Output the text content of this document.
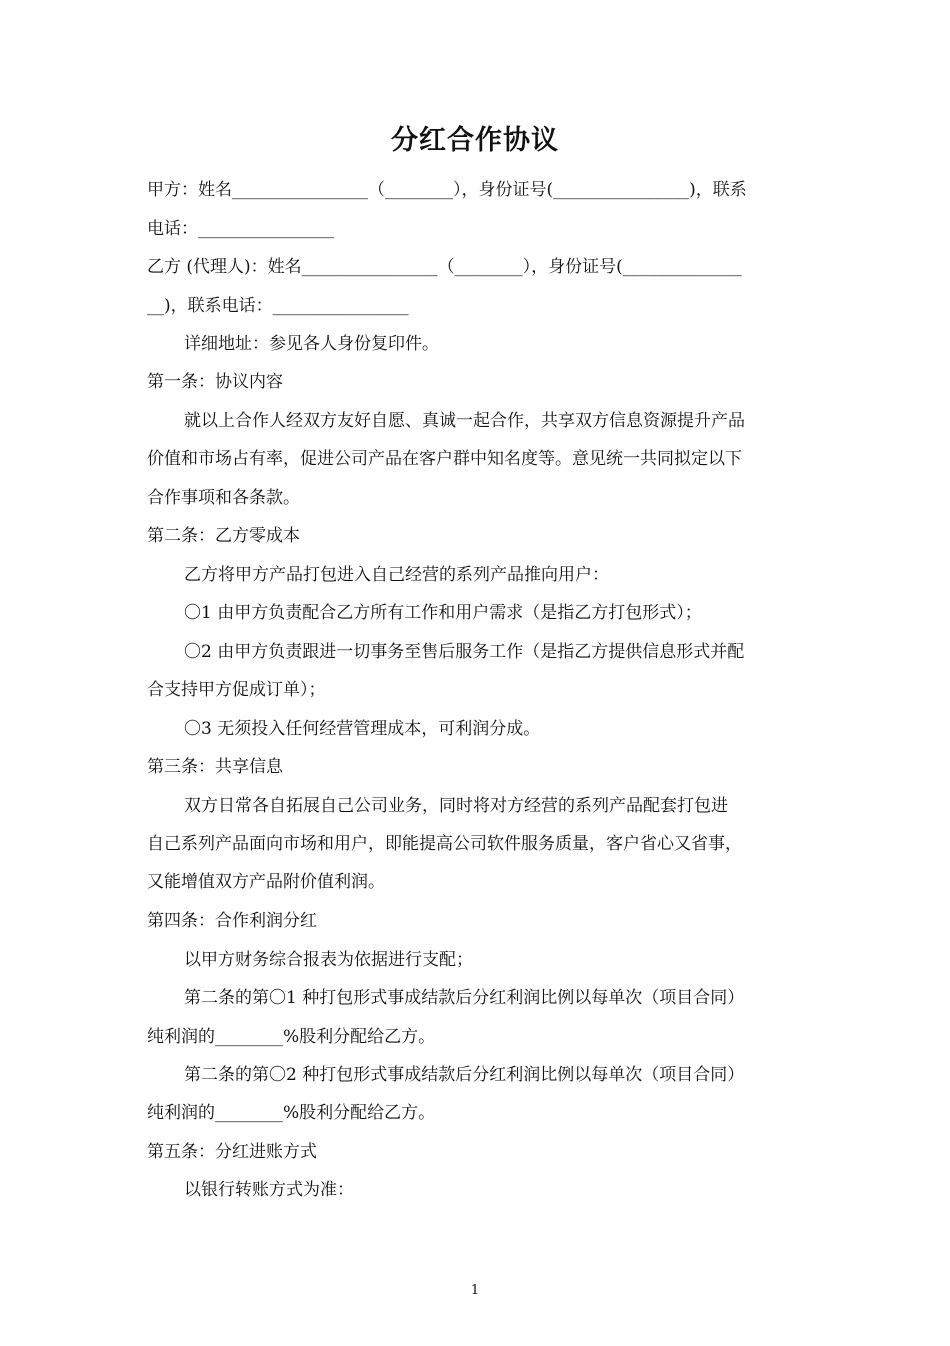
分红合作协议
甲方：姓名________________（________），身份证号(________________)，联系
电话：________________
乙方 (代理人)：姓名________________（________），身份证号(______________
__)，联系电话：________________
详细地址：参见各人身份复印件。
第一条：协议内容
就以上合作人经双方友好自愿、真诚一起合作，共享双方信息资源提升产品
价值和市场占有率，促进公司产品在客户群中知名度等。意见统一共同拟定以下
合作事项和各条款。
第二条：乙方零成本
乙方将甲方产品打包进入自己经营的系列产品推向用户：
〇1 由甲方负责配合乙方所有工作和用户需求（是指乙方打包形式）；
〇2 由甲方负责跟进一切事务至售后服务工作（是指乙方提供信息形式并配
合支持甲方促成订单）；
〇3 无须投入任何经营管理成本，可利润分成。
第三条：共享信息
双方日常各自拓展自己公司业务，同时将对方经营的系列产品配套打包进
自己系列产品面向市场和用户，即能提高公司软件服务质量，客户省心又省事，
又能增值双方产品附价值利润。
第四条：合作利润分红
以甲方财务综合报表为依据进行支配；
第二条的第〇1 种打包形式事成结款后分红利润比例以每单次（项目合同）
纯利润的________%股利分配给乙方。
第二条的第〇2 种打包形式事成结款后分红利润比例以每单次（项目合同）
纯利润的________%股利分配给乙方。
第五条：分红进账方式
以银行转账方式为准：
1
